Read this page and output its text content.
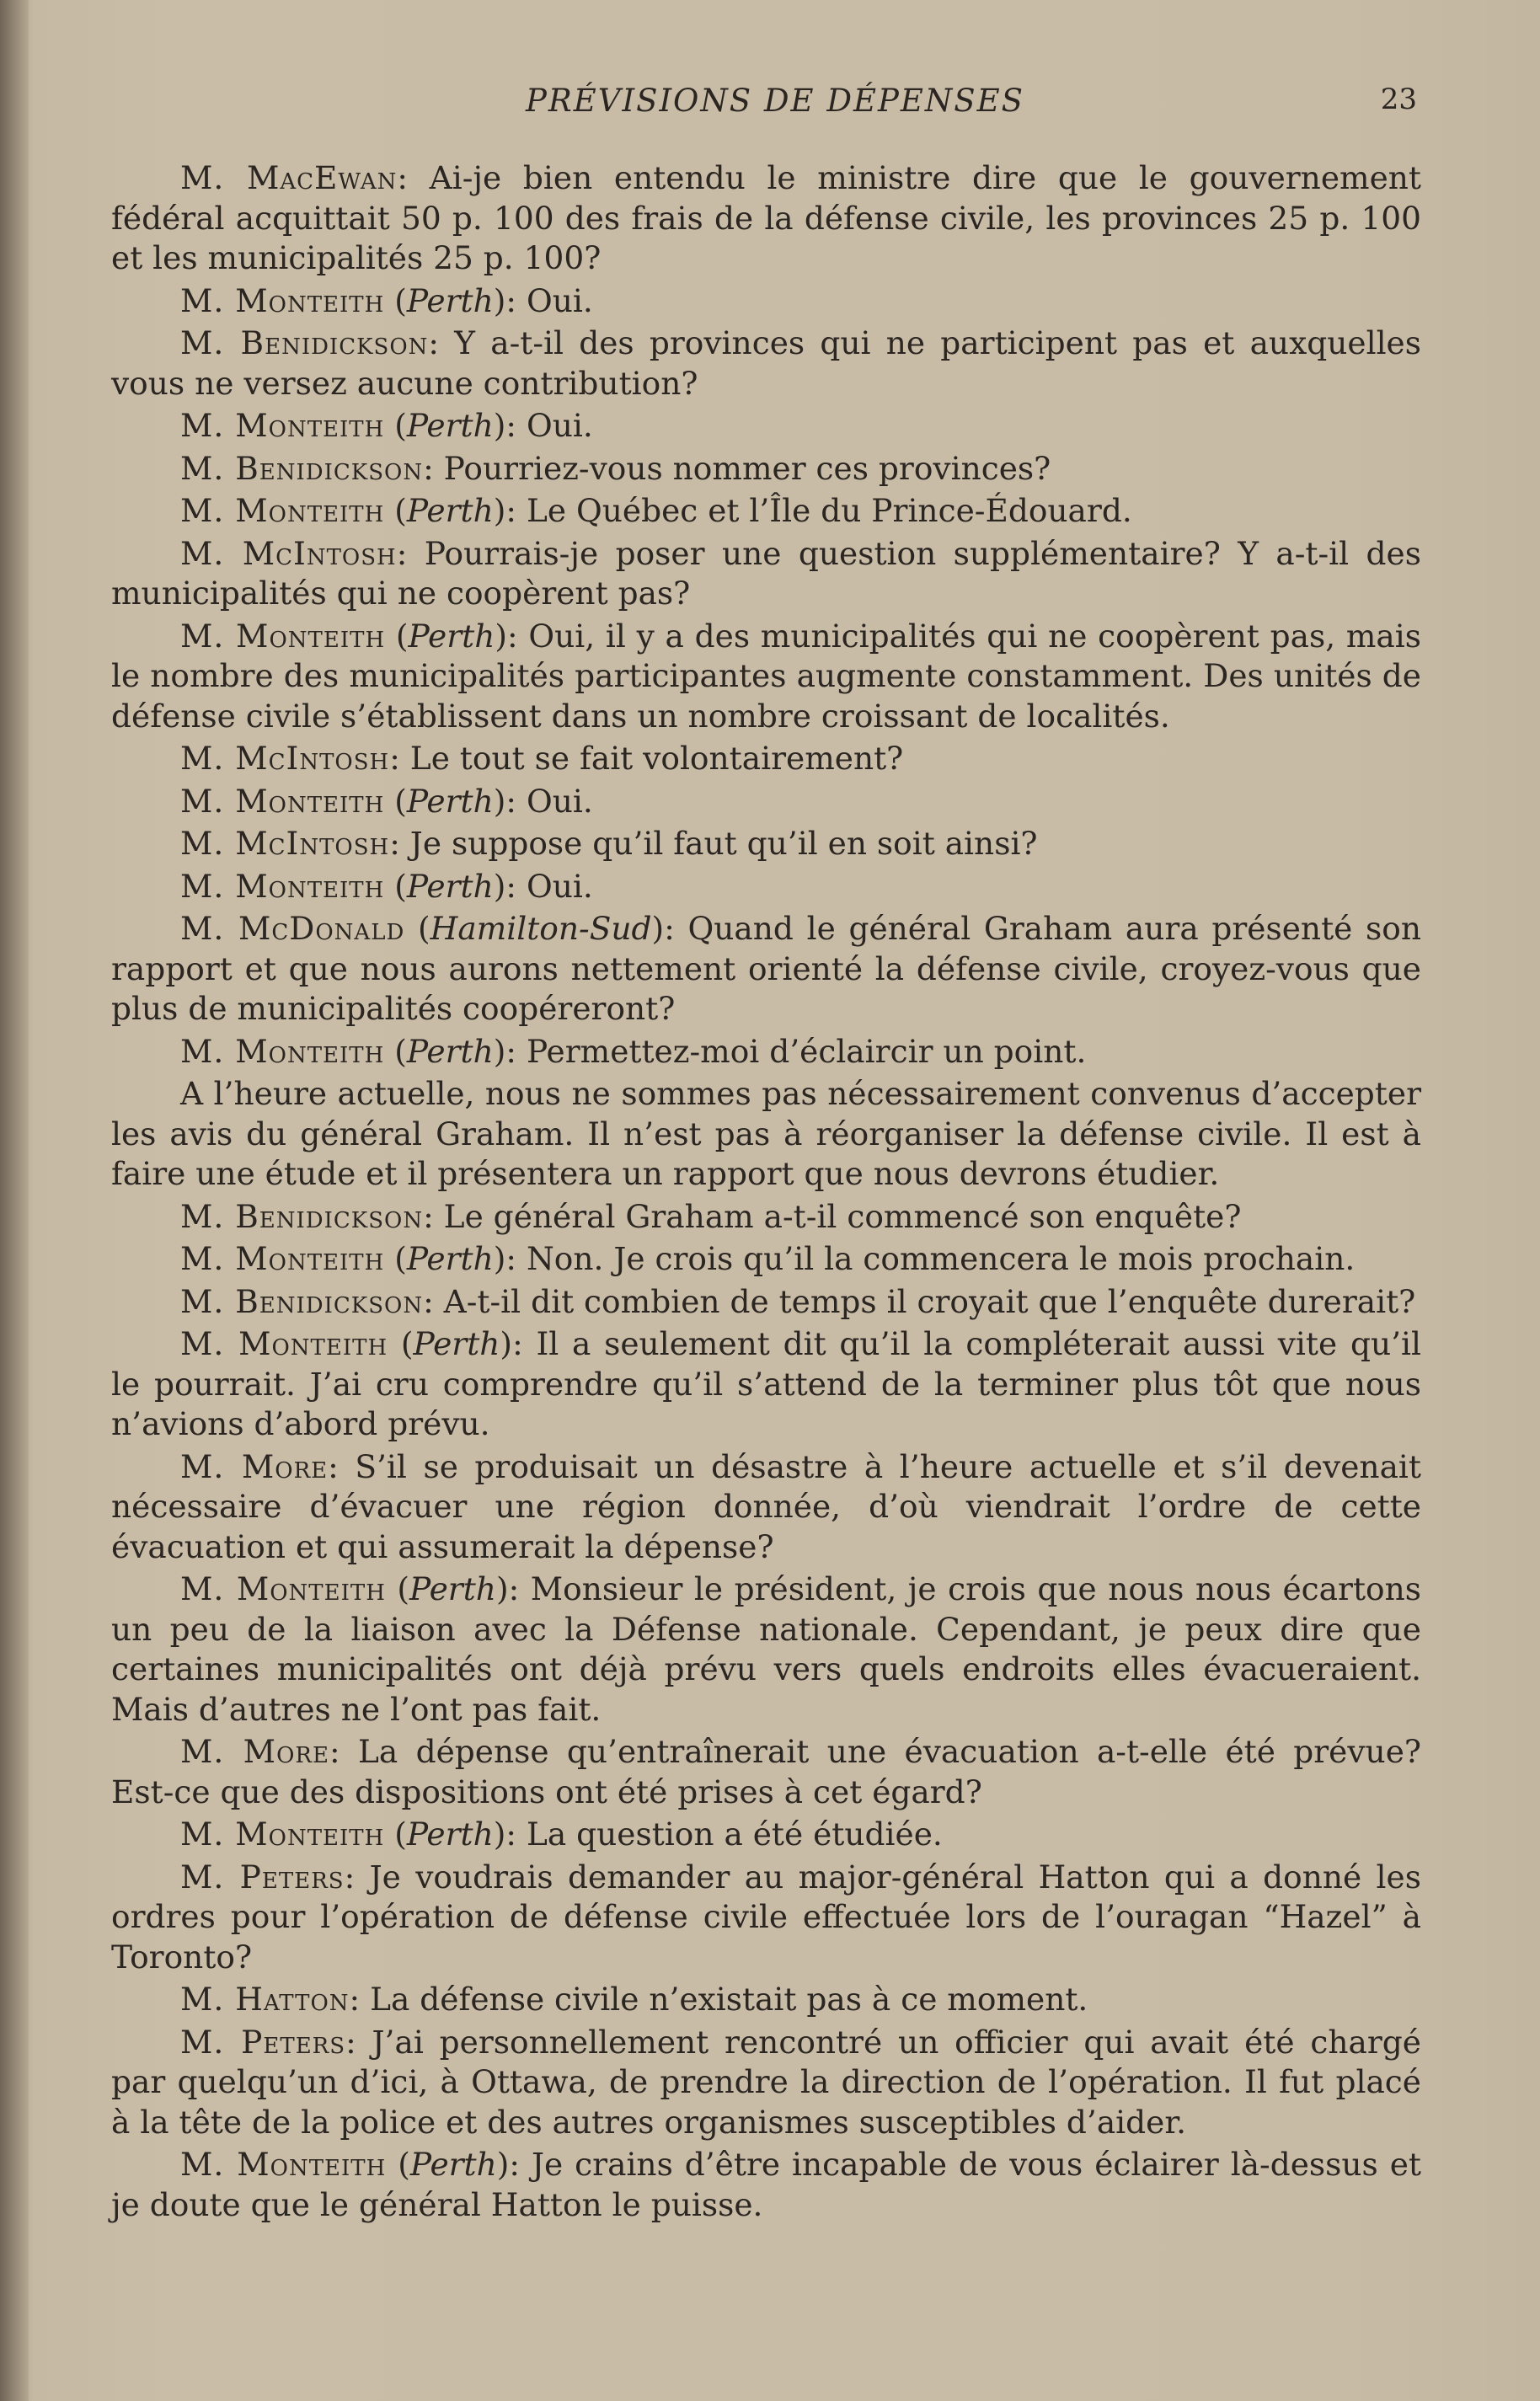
PRÉVISIONS DE DÉPENSES	23

M. MacEwan: Ai-je bien entendu le ministre dire que le gouvernement fédéral acquittait 50 p. 100 des frais de la défense civile, les provinces 25 p. 100 et les municipalités 25 p. 100?

M. Monteith (Perth): Oui.

M. Benidickson: Y a-t-il des provinces qui ne participent pas et auxquelles vous ne versez aucune contribution?

M. Monteith (Perth): Oui.

M. Benidickson: Pourriez-vous nommer ces provinces?

M. Monteith (Perth): Le Québec et l’Île du Prince-Édouard.

M. McIntosh: Pourrais-je poser une question supplémentaire? Y a-t-il des municipalités qui ne coopèrent pas?

M. Monteith (Perth): Oui, il y a des municipalités qui ne coopèrent pas, mais le nombre des municipalités participantes augmente constamment. Des unités de défense civile s’établissent dans un nombre croissant de localités.

M. McIntosh: Le tout se fait volontairement?

M. Monteith (Perth): Oui.

M. McIntosh: Je suppose qu’il faut qu’il en soit ainsi?

M. Monteith (Perth): Oui.

M. McDonald (Hamilton-Sud): Quand le général Graham aura présenté son rapport et que nous aurons nettement orienté la défense civile, croyez-vous que plus de municipalités coopéreront?

M. Monteith (Perth): Permettez-moi d’éclaircir un point.

A l’heure actuelle, nous ne sommes pas nécessairement convenus d’accepter les avis du général Graham. Il n’est pas à réorganiser la défense civile. Il est à faire une étude et il présentera un rapport que nous devrons étudier.

M. Benidickson: Le général Graham a-t-il commencé son enquête?

M. Monteith (Perth): Non. Je crois qu’il la commencera le mois prochain.

M. Benidickson: A-t-il dit combien de temps il croyait que l’enquête durerait?

M. Monteith (Perth): Il a seulement dit qu’il la compléterait aussi vite qu’il le pourrait. J’ai cru comprendre qu’il s’attend de la terminer plus tôt que nous n’avions d’abord prévu.

M. More: S’il se produisait un désastre à l’heure actuelle et s’il devenait nécessaire d’évacuer une région donnée, d’où viendrait l’ordre de cette évacuation et qui assumerait la dépense?

M. Monteith (Perth): Monsieur le président, je crois que nous nous écartons un peu de la liaison avec la Défense nationale. Cependant, je peux dire que certaines municipalités ont déjà prévu vers quels endroits elles évacueraient. Mais d’autres ne l’ont pas fait.

M. More: La dépense qu’entraînerait une évacuation a-t-elle été prévue? Est-ce que des dispositions ont été prises à cet égard?

M. Monteith (Perth): La question a été étudiée.

M. Peters: Je voudrais demander au major-général Hatton qui a donné les ordres pour l’opération de défense civile effectuée lors de l’ouragan “Hazel” à Toronto?

M. Hatton: La défense civile n’existait pas à ce moment.

M. Peters: J’ai personnellement rencontré un officier qui avait été chargé par quelqu’un d’ici, à Ottawa, de prendre la direction de l’opération. Il fut placé à la tête de la police et des autres organismes susceptibles d’aider.

M. Monteith (Perth): Je crains d’être incapable de vous éclairer là-dessus et je doute que le général Hatton le puisse.
